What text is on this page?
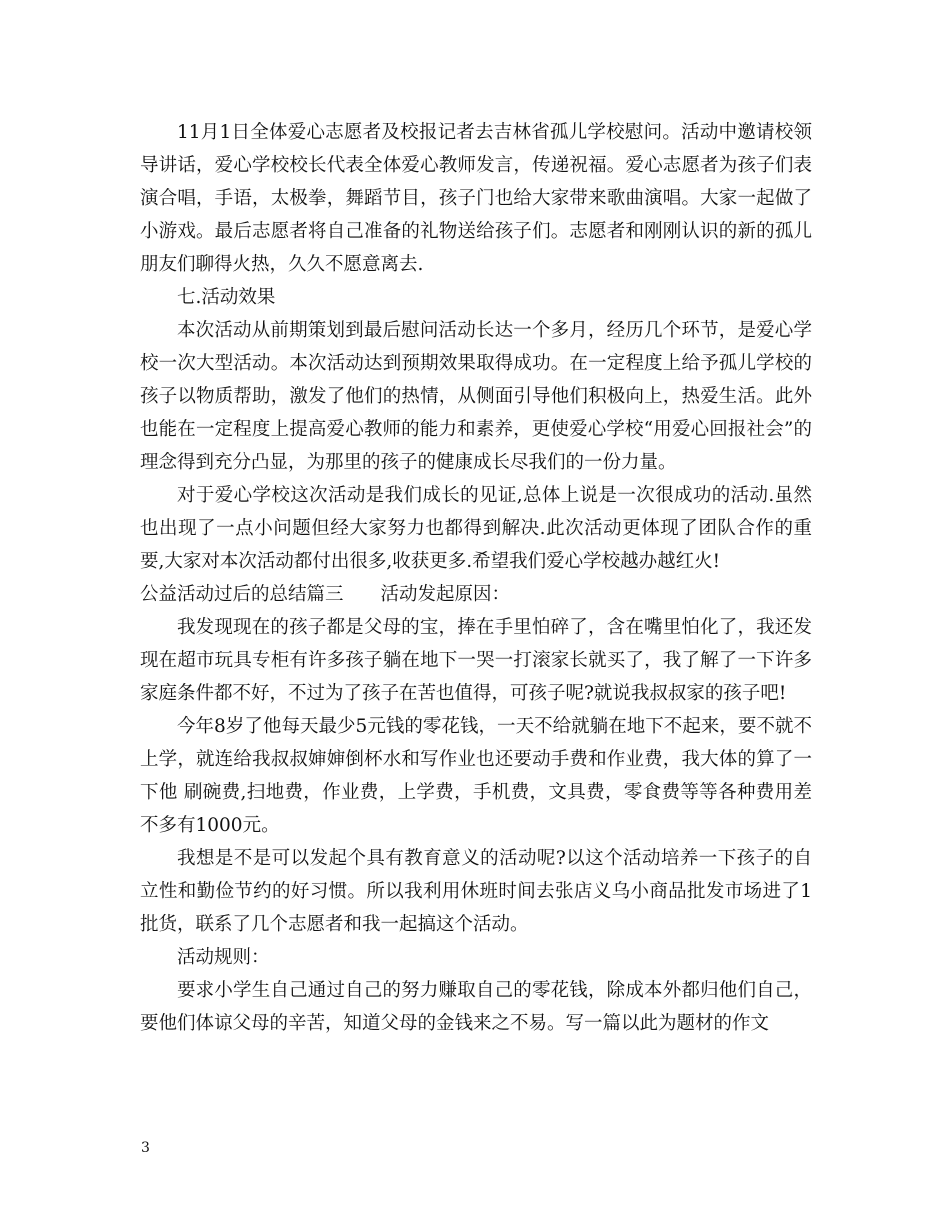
11月1日全体爱心志愿者及校报记者去吉林省孤儿学校慰问。活动中邀请校领导讲话，爱心学校校长代表全体爱心教师发言，传递祝福。爱心志愿者为孩子们表演合唱，手语，太极拳，舞蹈节目，孩子门也给大家带来歌曲演唱。大家一起做了小游戏。最后志愿者将自己准备的礼物送给孩子们。志愿者和刚刚认识的新的孤儿朋友们聊得火热，久久不愿意离去.

七.活动效果

本次活动从前期策划到最后慰问活动长达一个多月，经历几个环节，是爱心学校一次大型活动。本次活动达到预期效果取得成功。在一定程度上给予孤儿学校的孩子以物质帮助，激发了他们的热情，从侧面引导他们积极向上，热爱生活。此外也能在一定程度上提高爱心教师的能力和素养，更使爱心学校“用爱心回报社会”的理念得到充分凸显，为那里的孩子的健康成长尽我们的一份力量。

对于爱心学校这次活动是我们成长的见证,总体上说是一次很成功的活动.虽然也出现了一点小问题但经大家努力也都得到解决.此次活动更体现了团队合作的重要,大家对本次活动都付出很多,收获更多.希望我们爱心学校越办越红火!

公益活动过后的总结篇三　　活动发起原因：

我发现现在的孩子都是父母的宝，捧在手里怕碎了，含在嘴里怕化了，我还发现在超市玩具专柜有许多孩子躺在地下一哭一打滚家长就买了，我了解了一下许多家庭条件都不好，不过为了孩子在苦也值得，可孩子呢?就说我叔叔家的孩子吧!

今年8岁了他每天最少5元钱的零花钱，一天不给就躺在地下不起来，要不就不上学，就连给我叔叔婶婶倒杯水和写作业也还要动手费和作业费，我大体的算了一下他 刷碗费,扫地费，作业费，上学费，手机费，文具费，零食费等等各种费用差不多有1000元。

我想是不是可以发起个具有教育意义的活动呢?以这个活动培养一下孩子的自立性和勤俭节约的好习惯。所以我利用休班时间去张店义乌小商品批发市场进了1批货，联系了几个志愿者和我一起搞这个活动。

活动规则：

要求小学生自己通过自己的努力赚取自己的零花钱，除成本外都归他们自己，要他们体谅父母的辛苦，知道父母的金钱来之不易。写一篇以此为题材的作文

3
